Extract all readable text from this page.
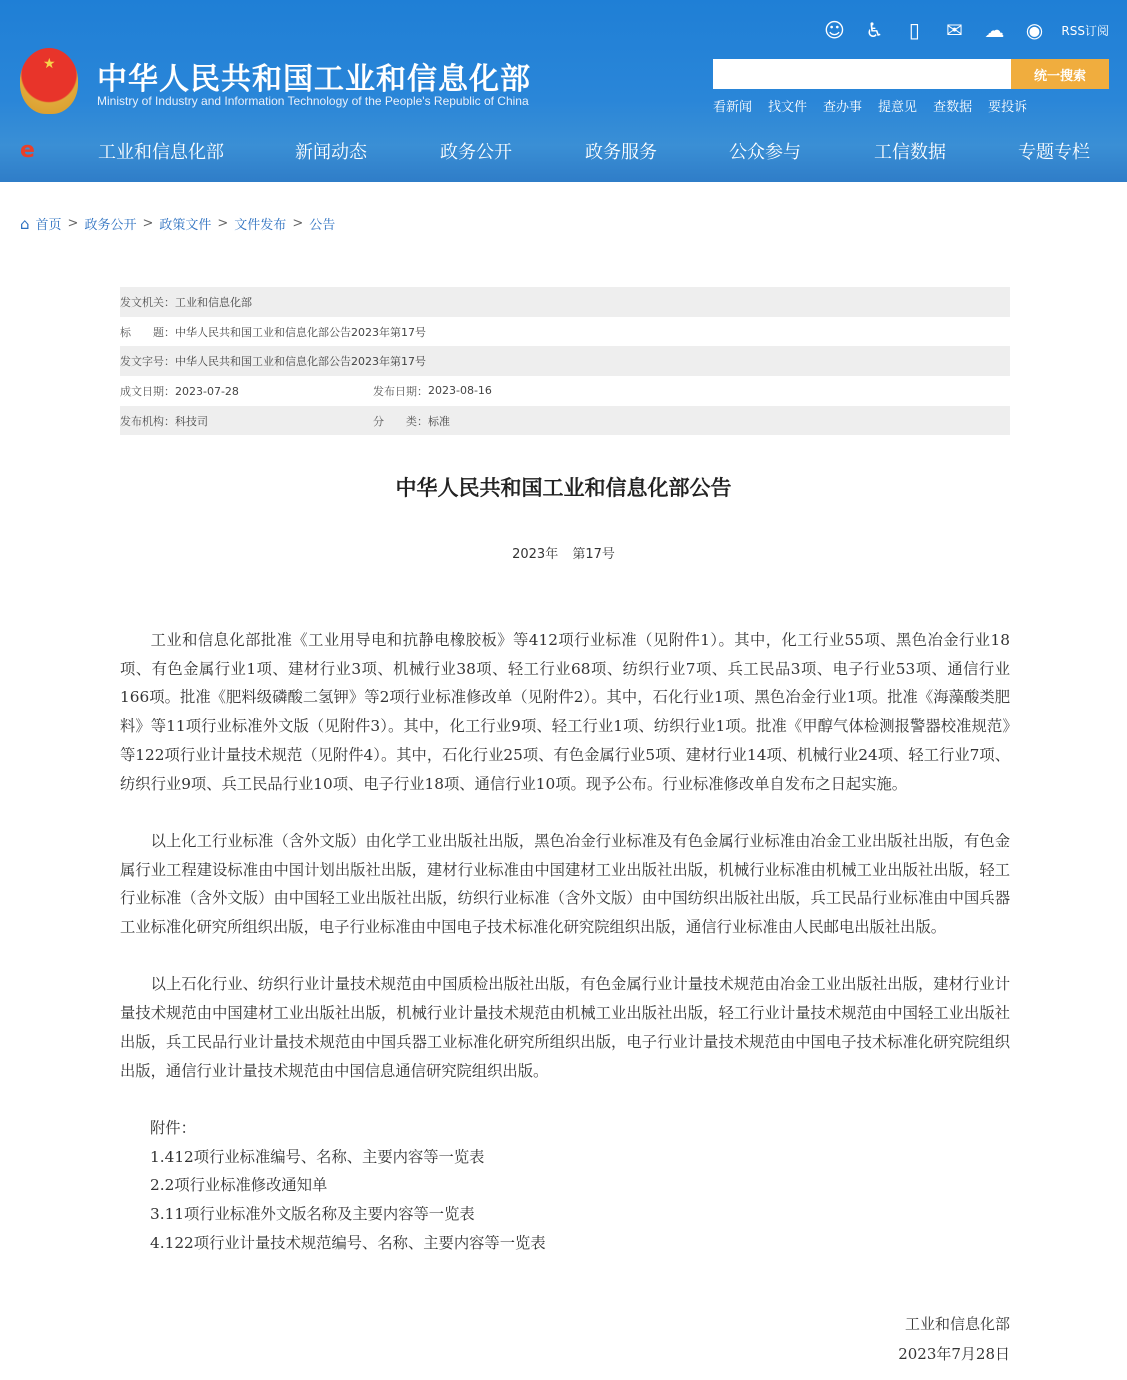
★ 中华人民共和国工业和信息化部
Ministry of Industry and Information Technology of the People's Republic of China
☺ ♿	▯	✉ ☁ ◉	RSS订阅
统一搜索
看新闻 找文件 查办事 提意见 查数据 要投诉
e	工业和信息化部	新闻动态	政务公开	政务服务	公众参与	工信数据	专题专栏
⌂ 首页 > 政务公开 > 政策文件 > 文件发布 > 公告
发文机关： 工业和信息化部
标　　题： 中华人民共和国工业和信息化部公告2023年第17号
发文字号： 中华人民共和国工业和信息化部公告2023年第17号
成文日期：2023-07-28	发布日期： 2023-08-16
发布机构：科技司	分　　类： 标准
中华人民共和国工业和信息化部公告
2023年 第17号

工业和信息化部批准《工业用导电和抗静电橡胶板》等412项行业标准（见附件1）。其中，化工行业55项、黑色冶金行业18项、有色金属行业1项、建材行业3项、机械行业38项、轻工行业68项、纺织行业7项、兵工民品3项、电子行业53项、通信行业166项。批准《肥料级磷酸二氢钾》等2项行业标准修改单（见附件2）。其中，石化行业1项、黑色冶金行业1项。批准《海藻酸类肥料》等11项行业标准外文版（见附件3）。其中，化工行业9项、轻工行业1项、纺织行业1项。批准《甲醇气体检测报警器校准规范》等122项行业计量技术规范（见附件4）。其中，石化行业25项、有色金属行业5项、建材行业14项、机械行业24项、轻工行业7项、纺织行业9项、兵工民品行业10项、电子行业18项、通信行业10项。现予公布。行业标准修改单自发布之日起实施。

以上化工行业标准（含外文版）由化学工业出版社出版，黑色冶金行业标准及有色金属行业标准由冶金工业出版社出版，有色金属行业工程建设标准由中国计划出版社出版，建材行业标准由中国建材工业出版社出版，机械行业标准由机械工业出版社出版，轻工行业标准（含外文版）由中国轻工业出版社出版，纺织行业标准（含外文版）由中国纺织出版社出版，兵工民品行业标准由中国兵器工业标准化研究所组织出版，电子行业标准由中国电子技术标准化研究院组织出版，通信行业标准由人民邮电出版社出版。

以上石化行业、纺织行业计量技术规范由中国质检出版社出版，有色金属行业计量技术规范由冶金工业出版社出版，建材行业计量技术规范由中国建材工业出版社出版，机械行业计量技术规范由机械工业出版社出版，轻工行业计量技术规范由中国轻工业出版社出版，兵工民品行业计量技术规范由中国兵器工业标准化研究所组织出版，电子行业计量技术规范由中国电子技术标准化研究院组织出版，通信行业计量技术规范由中国信息通信研究院组织出版。

附件：
1.412项行业标准编号、名称、主要内容等一览表
2.2项行业标准修改通知单
3.11项行业标准外文版名称及主要内容等一览表
4.122项行业计量技术规范编号、名称、主要内容等一览表
工业和信息化部
2023年7月28日
